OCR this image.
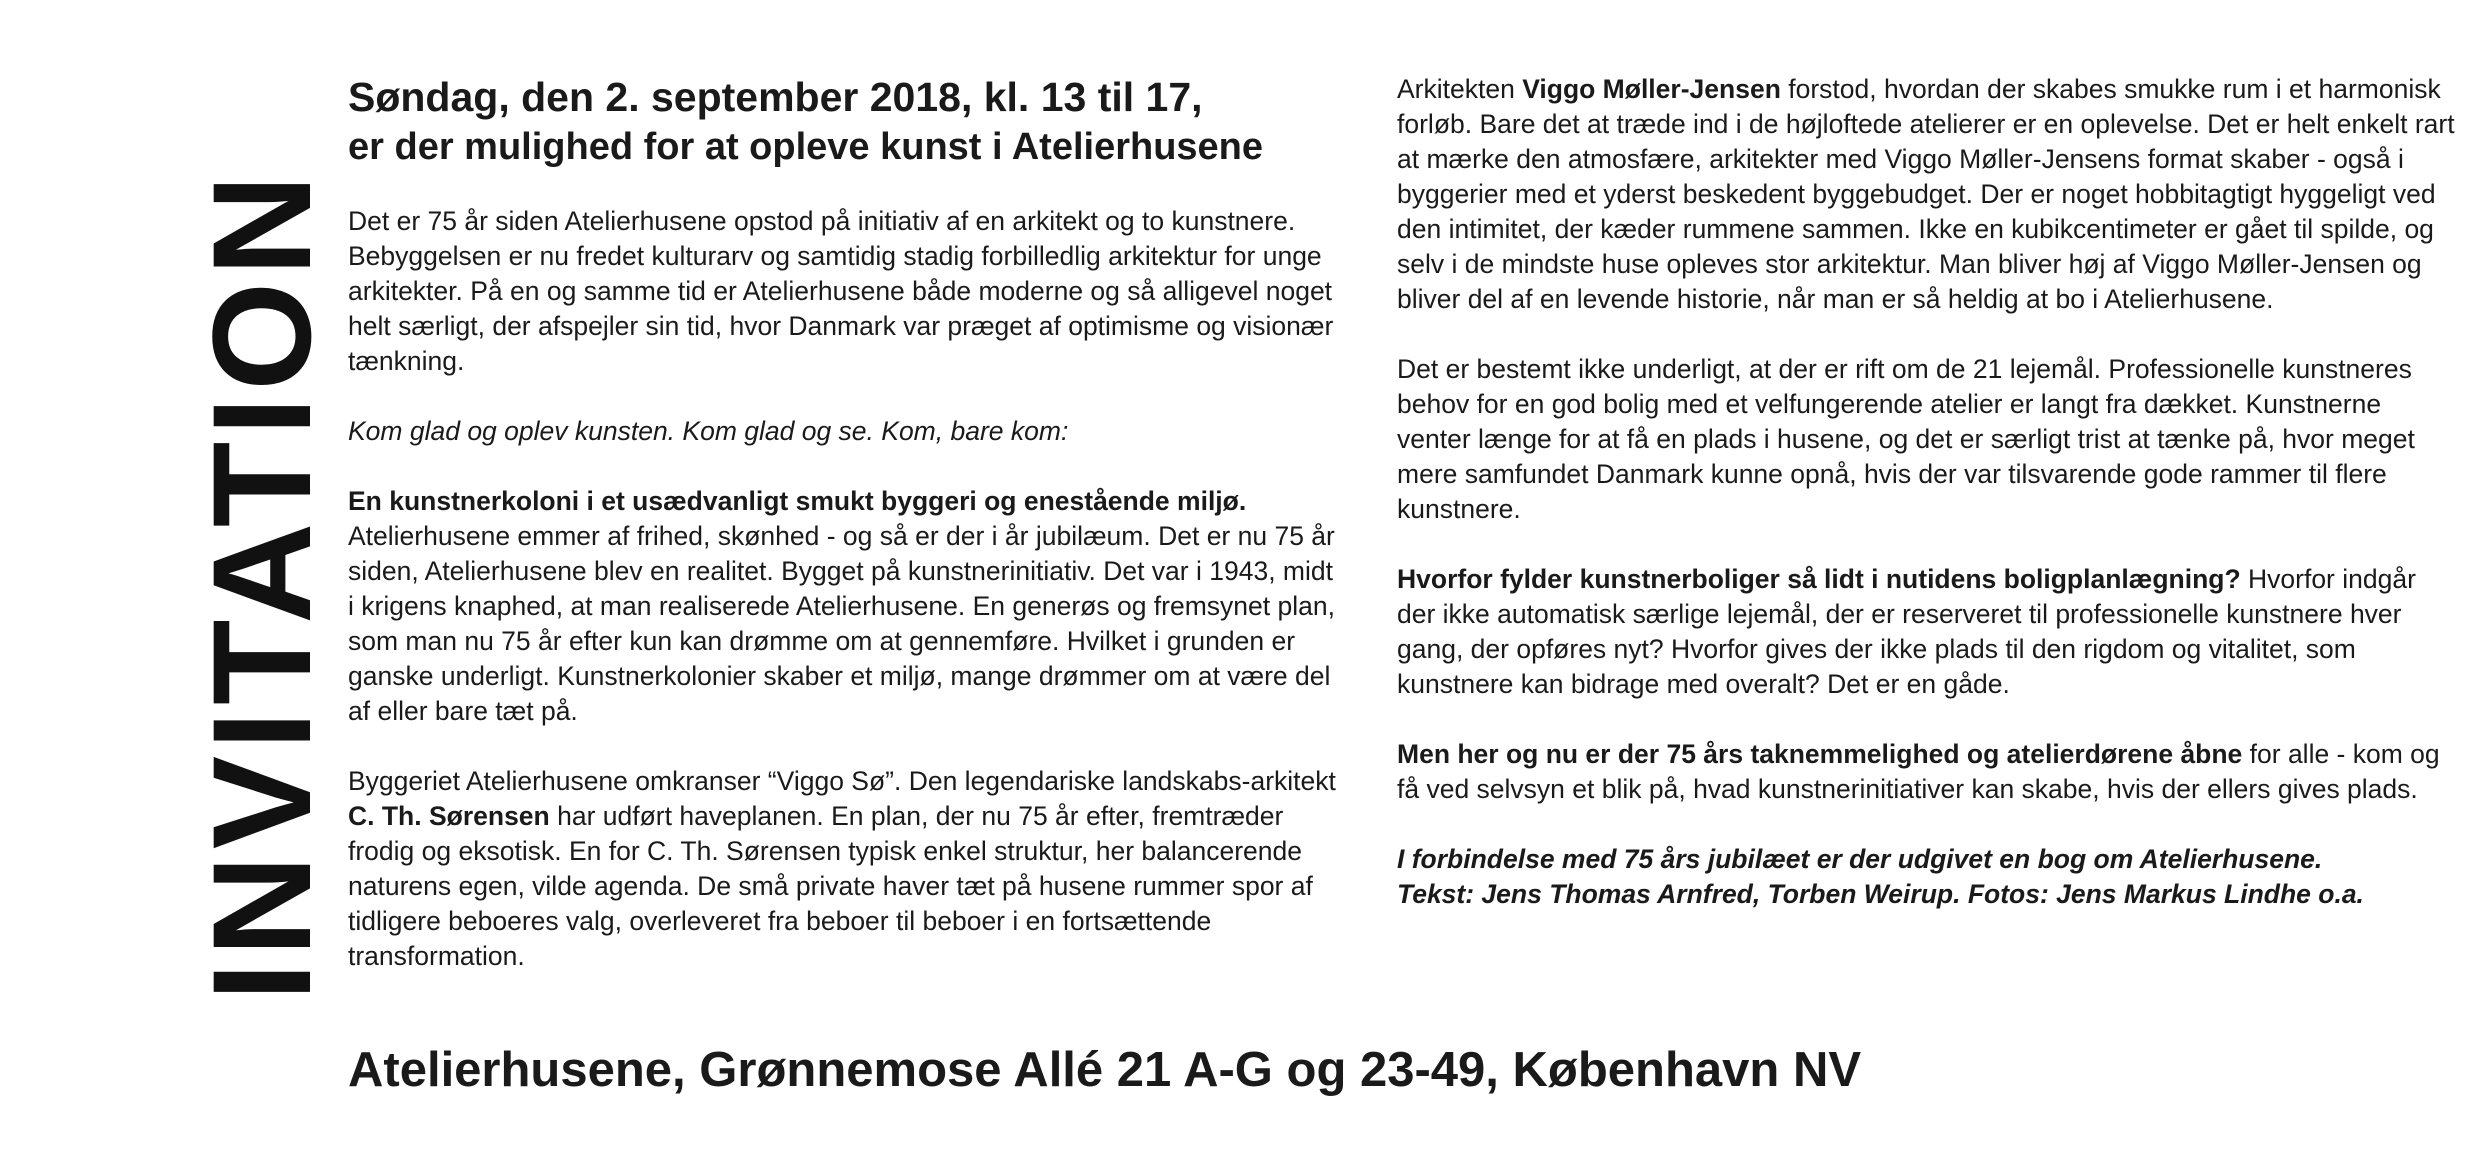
INVITATION
Søndag, den 2. september 2018, kl. 13 til 17,
er der mulighed for at opleve kunst i Atelierhusene

Det er 75 år siden Atelierhusene opstod på initiativ af en arkitekt og to kunstnere. Bebyggelsen er nu fredet kulturarv og samtidig stadig forbilledlig arkitektur for unge arkitekter. På en og samme tid er Atelierhusene både moderne og så alligevel noget helt særligt, der afspejler sin tid, hvor Danmark var præget af optimisme og visionær tænkning.

Kom glad og oplev kunsten. Kom glad og se. Kom, bare kom:

En kunstnerkoloni i et usædvanligt smukt byggeri og enestående miljø.
Atelierhusene emmer af frihed, skønhed - og så er der i år jubilæum. Det er nu 75 år siden, Atelierhusene blev en realitet. Bygget på kunstnerinitiativ. Det var i 1943, midt i krigens knaphed, at man realiserede Atelierhusene. En generøs og fremsynet plan, som man nu 75 år efter kun kan drømme om at gennemføre. Hvilket i grunden er ganske underligt. Kunstnerkolonier skaber et miljø, mange drømmer om at være del af eller bare tæt på.

Byggeriet Atelierhusene omkranser “Viggo Sø”. Den legendariske landskabs-arkitekt C. Th. Sørensen har udført haveplanen. En plan, der nu 75 år efter, fremtræder frodig og eksotisk. En for C. Th. Sørensen typisk enkel struktur, her balancerende naturens egen, vilde agenda. De små private haver tæt på husene rummer spor af tidligere beboeres valg, overleveret fra beboer til beboer i en fortsættende transformation.

Arkitekten Viggo Møller-Jensen forstod, hvordan der skabes smukke rum i et harmonisk forløb. Bare det at træde ind i de højloftede atelierer er en oplevelse. Det er helt enkelt rart at mærke den atmosfære, arkitekter med Viggo Møller-Jensens format skaber - også i byggerier med et yderst beskedent byggebudget. Der er noget hobbitagtigt hyggeligt ved den intimitet, der kæder rummene sammen. Ikke en kubikcentimeter er gået til spilde, og selv i de mindste huse opleves stor arkitektur. Man bliver høj af Viggo Møller-Jensen og bliver del af en levende historie, når man er så heldig at bo i Atelierhusene.

Det er bestemt ikke underligt, at der er rift om de 21 lejemål. Professionelle kunstneres behov for en god bolig med et velfungerende atelier er langt fra dækket. Kunstnerne venter længe for at få en plads i husene, og det er særligt trist at tænke på, hvor meget mere samfundet Danmark kunne opnå, hvis der var tilsvarende gode rammer til flere kunstnere.

Hvorfor fylder kunstnerboliger så lidt i nutidens boligplanlægning? Hvorfor indgår der ikke automatisk særlige lejemål, der er reserveret til professionelle kunstnere hver gang, der opføres nyt? Hvorfor gives der ikke plads til den rigdom og vitalitet, som kunstnere kan bidrage med overalt? Det er en gåde.

Men her og nu er der 75 års taknemmelighed og atelierdørene åbne for alle - kom og få ved selvsyn et blik på, hvad kunstnerinitiativer kan skabe, hvis der ellers gives plads.

I forbindelse med 75 års jubilæet er der udgivet en bog om Atelierhusene.
Tekst: Jens Thomas Arnfred, Torben Weirup. Fotos: Jens Markus Lindhe o.a.

Atelierhusene, Grønnemose Allé 21 A-G og 23-49, København NV
